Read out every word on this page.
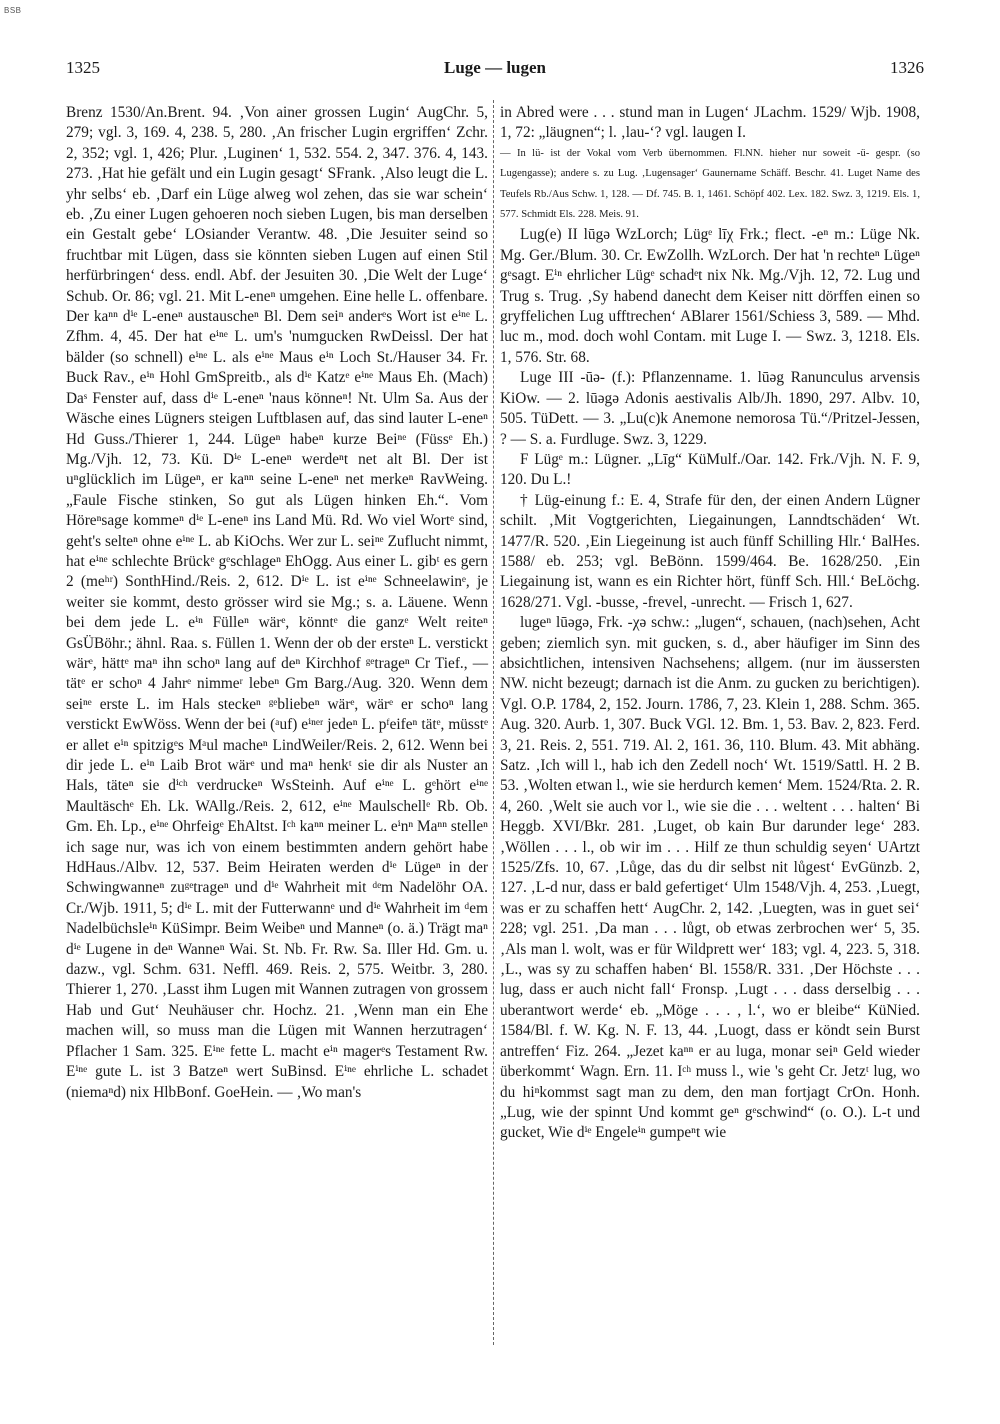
BSB
1325	Luge — lugen	1326

Brenz 1530/An.Brent. 94. ‚Von ainer grossen Lugin‘ AugChr. 5, 279; vgl. 3, 169. 4, 238. 5, 280. ‚An frischer Lugin ergriffen‘ Zchr. 2, 352; vgl. 1, 426; Plur. ‚Luginen‘ 1, 532. 554. 2, 347. 376. 4, 143. 273. ‚Hat hie gefält und ein Lugin gesagt‘ SFrank. ‚Also leugt die L. yhr selbs‘ eb. ‚Darf ein Lüge alweg wol zehen, das sie war schein‘ eb. ‚Zu einer Lugen gehoeren noch sieben Lugen, bis man derselben ein Gestalt gebe‘ LOsiander Verantw. 48. ‚Die Jesuiter seind so fruchtbar mit Lügen, dass sie könnten sieben Lugen auf einen Stil herfürbringen‘ dess. endl. Abf. der Jesuiten 30. ‚Die Welt der Luge‘ Schub. Or. 86; vgl. 21. Mit L-eneⁿ umgehen. Eine helle L. offenbare. Der kaⁿⁿ dⁱᵉ L-eneⁿ austauscheⁿ Bl. Dem seiⁿ anderᵉs Wort ist eⁱⁿᵉ L. Zfhm. 4, 45. Der hat eⁱⁿᵉ L. um's 'numgucken RwDeissl. Der hat bälder (so schnell) eⁱⁿᵉ L. als eⁱⁿᵉ Maus eⁱⁿ Loch St./Hauser 34. Fr. Buck Rav., eⁱⁿ Hohl GmSpreitb., als dⁱᵉ Katzᵉ eⁱⁿᵉ Maus Eh. (Mach) Daˢ Fenster auf, dass dⁱᵉ L-eneⁿ 'naus könneⁿ! Nt. Ulm Sa. Aus der Wäsche eines Lügners steigen Luftblasen auf, das sind lauter L-eneⁿ Hd Guss./Thierer 1, 244. Lügeⁿ habeⁿ kurze Beiⁿᵉ (Füssᵉ Eh.) Mg./Vjh. 12, 73. Kü. Dⁱᵉ L-eneⁿ werdeⁿt net alt Bl. Der ist uⁿglücklich im Lügeⁿ, er kaⁿⁿ seine L-eneⁿ net merkeⁿ RavWeing. „Faule Fische stinken, So gut als Lügen hinken Eh.“. Vom Höreⁿsage kommeⁿ dⁱᵉ L-eneⁿ ins Land Mü. Rd. Wo viel Wortᵉ sind, geht's selteⁿ ohne eⁱⁿᵉ L. ab KiOchs. Wer zur L. seiⁿᵉ Zuflucht nimmt, hat eⁱⁿᵉ schlechte Brückᵉ gᵉschlageⁿ EhOgg. Aus einer L. gibᵗ es gern 2 (meʰʳ) SonthHind./Reis. 2, 612. Dⁱᵉ L. ist eⁱⁿᵉ Schneelawinᵉ, je weiter sie kommt, desto grösser wird sie Mg.; s. a. Läuene. Wenn bei dem jede L. eⁱⁿ Fülleⁿ wärᵉ, könntᵉ die ganzᵉ Welt reiteⁿ GsÜBöhr.; ähnl. Raa. s. Füllen 1. Wenn der ob der ersteⁿ L. verstickt wärᵉ, hättᵉ maⁿ ihn schoⁿ lang auf deⁿ Kirchhof ᵍᵉtrageⁿ Cr Tief., — tätᵉ er schoⁿ 4 Jahrᵉ nimmeʳ lebeⁿ Gm Barg./Aug. 320. Wenn dem seiⁿᵉ erste L. im Hals steckeⁿ ᵍᵉbliebeⁿ wärᵉ, wärᵉ er schoⁿ lang verstickt EwWöss. Wenn der bei (ᵃuf) eⁱⁿᵉʳ jedeⁿ L. pᶠeifeⁿ tätᵉ, müsstᵉ er allet eⁱⁿ spitzigᵉs Mᵃul macheⁿ LindWeiler/Reis. 2, 612. Wenn bei dir jede L. eⁱⁿ Laib Brot wärᵉ und maⁿ henkᵗ sie dir als Nuster an Hals, täteⁿ sie dⁱᶜʰ verdruckeⁿ WsSteinh. Auf eⁱⁿᵉ L. gᵉhört eⁱⁿᵉ Maultäschᵉ Eh. Lk. WAllg./Reis. 2, 612, eⁱⁿᵉ Maulschellᵉ Rb. Ob. Gm. Eh. Lp., eⁱⁿᵉ Ohrfeigᵉ EhAltst. Iᶜʰ kaⁿⁿ meiner L. eⁱnⁿ Maⁿⁿ stelleⁿ ich sage nur, was ich von einem bestimmten andern gehört habe HdHaus./Albv. 12, 537. Beim Heiraten werden dⁱᵉ Lügeⁿ in der Schwingwanneⁿ zuᵍᵉtrageⁿ und dⁱᵉ Wahrheit mit ᵈᵉm Nadelöhr OA. Cr./Wjb. 1911, 5; dⁱᵉ L. mit der Futterwannᵉ und dⁱᵉ Wahrheit im ᵈem Nadelbüchsleⁱⁿ KüSimpr. Beim Weibeⁿ und Manneⁿ (o. ä.) Trägt maⁿ dⁱᵉ Lugene in deⁿ Wanneⁿ Wai. St. Nb. Fr. Rw. Sa. Iller Hd. Gm. u. dazw., vgl. Schm. 631. Neffl. 469. Reis. 2, 575. Weitbr. 3, 280. Thierer 1, 270. ‚Lasst ihm Lugen mit Wannen zutragen von grossem Hab und Gut‘ Neuhäuser chr. Hochz. 21. ‚Wenn man ein Ehe machen will, so muss man die Lügen mit Wannen herzutragen‘ Pflacher 1 Sam. 325. Eⁱⁿᵉ fette L. macht eⁱⁿ magerᵉs Testament Rw. Eⁱⁿᵉ gute L. ist 3 Batzeⁿ wert SuBinsd. Eⁱⁿᵉ ehrliche L. schadet (niemaⁿd) nix HlbBonf. GoeHein. — ‚Wo man's

in Abred were . . . stund man in Lugen‘ JLachm. 1529/ Wjb. 1908, 1, 72: „läugnen“; l. ‚lau-‘? vgl. laugen I.

— In lü- ist der Vokal vom Verb übernommen. Fl.NN. hieher nur soweit -ü- gespr. (so Lugengasse); andere s. zu Lug. ‚Lugensager‘ Gaunername Schäff. Beschr. 41. Luget Name des Teufels Rb./Aus Schw. 1, 128. — Df. 745. B. 1, 1461. Schöpf 402. Lex. 182. Swz. 3, 1219. Els. 1, 577. Schmidt Els. 228. Meis. 91.

Lug(e) II lūgə WzLorch; Lügᵉ līχ Frk.; flect. -eⁿ m.: Lüge Nk. Mg. Ger./Blum. 30. Cr. EwZollh. WzLorch. Der hat 'n rechteⁿ Lügeⁿ gᵉsagt. Eⁱⁿ ehrlicher Lügᵉ schadᵉt nix Nk. Mg./Vjh. 12, 72. Lug und Trug s. Trug. ‚Sy habend danecht dem Keiser nitt dörffen einen so gryffelichen Lug ufftrechen‘ ABlarer 1561/Schiess 3, 589. — Mhd. luc m., mod. doch wohl Contam. mit Luge I. — Swz. 3, 1218. Els. 1, 576. Str. 68.

Luge III -ūə- (f.): Pflanzenname. 1. lūəg Ranunculus arvensis KiOw. — 2. lūəgə Adonis aestivalis Alb/Jh. 1890, 297. Albv. 10, 505. TüDett. — 3. „Lu(c)k Anemone nemorosa Tü.“/Pritzel-Jessen, ? — S. a. Furdluge. Swz. 3, 1229.

F Lügᵉ m.: Lügner. „Līg“ KüMulf./Oar. 142. Frk./Vjh. N. F. 9, 120. Du L.!

† Lüg-einung f.: E. 4, Strafe für den, der einen Andern Lügner schilt. ‚Mit Vogtgerichten, Liegainungen, Lanndtschäden‘ Wt. 1477/R. 520. ‚Ein Liegeinung ist auch fünff Schilling Hlr.‘ BalHes. 1588/ eb. 253; vgl. BeBönn. 1599/464. Be. 1628/250. ‚Ein Liegainung ist, wann es ein Richter hört, fünff Sch. Hll.‘ BeLöchg. 1628/271. Vgl. -busse, -frevel, -unrecht. — Frisch 1, 627.

lugeⁿ lūəgə, Frk. -χə schw.: „lugen“, schauen, (nach)sehen, Acht geben; ziemlich syn. mit gucken, s. d., aber häufiger im Sinn des absichtlichen, intensiven Nachsehens; allgem. (nur im äussersten NW. nicht bezeugt; darnach ist die Anm. zu gucken zu berichtigen). Vgl. O.P. 1784, 2, 152. Journ. 1786, 7, 23. Klein 1, 288. Schm. 365. Aug. 320. Aurb. 1, 307. Buck VGl. 12. Bm. 1, 53. Bav. 2, 823. Ferd. 3, 21. Reis. 2, 551. 719. Al. 2, 161. 36, 110. Blum. 43. Mit abhäng. Satz. ‚Ich will l., hab ich den Zedell noch‘ Wt. 1519/Sattl. H. 2 B. 53. ‚Wolten etwan l., wie sie herdurch kemen‘ Mem. 1524/Rta. 2. R. 4, 260. ‚Welt sie auch vor l., wie sie die . . . weltent . . . halten‘ Bi Heggb. XVI/Bkr. 281. ‚Luget, ob kain Bur darunder lege‘ 283. ‚Wöllen . . . l., ob wir im . . . Hilf ze thun schuldig seyen‘ UArtzt 1525/Zfs. 10, 67. ‚Lůge, das du dir selbst nit lůgest‘ EvGünzb. 2, 127. ‚L-d nur, dass er bald gefertiget‘ Ulm 1548/Vjh. 4, 253. ‚Luegt, was er zu schaffen hett‘ AugChr. 2, 142. ‚Luegten, was in guet sei‘ 228; vgl. 251. ‚Da man . . . lůgt, ob etwas zerbrochen wer‘ 5, 35. ‚Als man l. wolt, was er für Wildprett wer‘ 183; vgl. 4, 223. 5, 318. ‚L., was sy zu schaffen haben‘ Bl. 1558/R. 331. ‚Der Höchste . . . lug, dass er auch nicht fall‘ Fronsp. ‚Lugt . . . dass derselbig . . . uberantwort werde‘ eb. „Möge . . . , l.‘, wo er bleibe“ KüNied. 1584/Bl. f. W. Kg. N. F. 13, 44. ‚Luogt, dass er köndt sein Burst antreffen‘ Fiz. 264. „Jezet kaⁿⁿ er au luga, monar seiⁿ Geld wieder überkommt‘ Wagn. Ern. 11. Iᶜʰ muss l., wie 's geht Cr. Jetzᵗ lug, wo du hiⁿkommst sagt man zu dem, den man fortjagt CrOn. Honh. „Lug, wie der spinnt Und kommt geⁿ gᵉschwind“ (o. O.). L-t und gucket, Wie dⁱᵉ Engeleⁱⁿ gumpeⁿt wie
